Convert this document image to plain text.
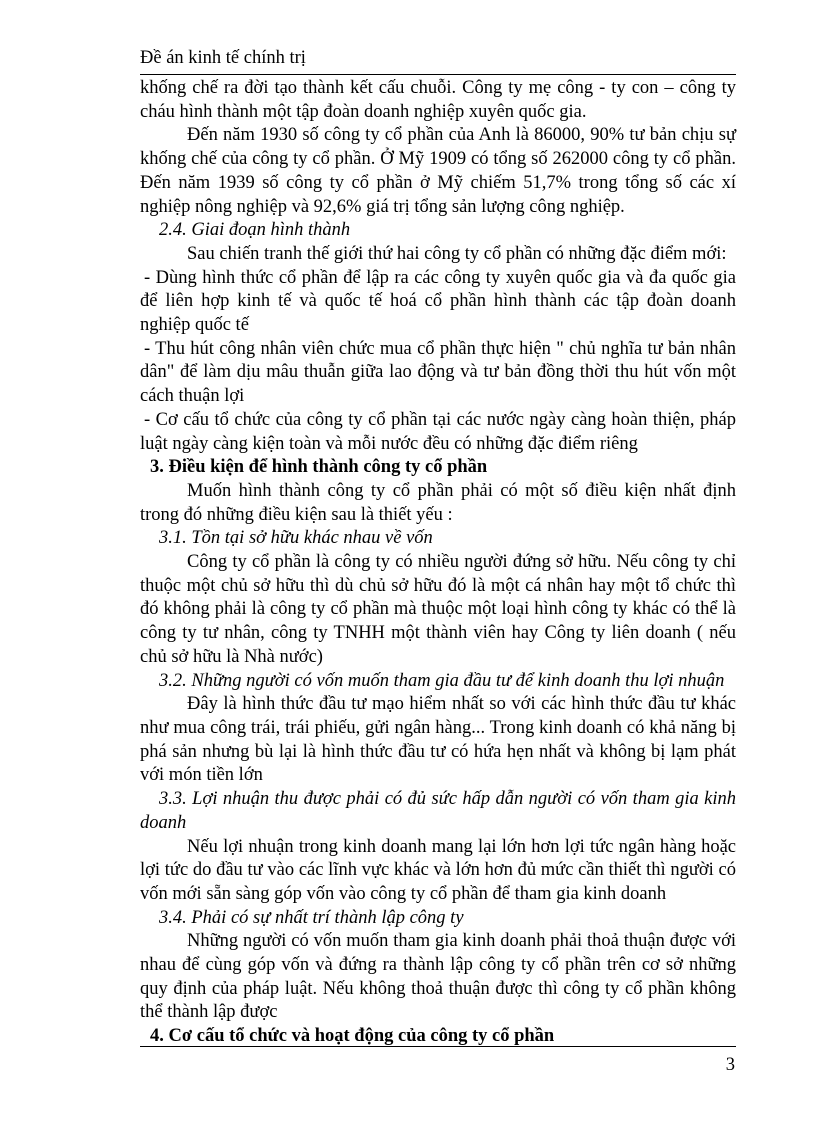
Đề án kinh tế chính trị

khống chế ra đời tạo thành kết cấu chuỗi. Công ty mẹ công - ty con – công ty cháu hình thành một tập đoàn doanh nghiệp xuyên quốc gia.

Đến năm 1930 số công ty cổ phần của Anh là 86000, 90% tư bản chịu sự khống chế của công ty cổ phần. Ở Mỹ 1909 có tổng số 262000 công ty cổ phần. Đến năm 1939 số công ty cổ phần ở Mỹ chiếm 51,7% trong tổng số các xí nghiệp nông nghiệp và 92,6% giá trị tổng sản lượng công nghiệp.

2.4. Giai đoạn hình thành

Sau chiến tranh thế giới thứ hai công ty cổ phần có những đặc điểm mới:

- Dùng hình thức cổ phần để lập ra các công ty xuyên quốc gia và đa quốc gia để liên hợp kinh tế và quốc tế hoá cổ phần hình thành các tập đoàn doanh nghiệp quốc tế

- Thu hút công nhân viên chức mua cổ phần thực hiện " chủ nghĩa tư bản nhân dân" để làm dịu mâu thuẫn giữa lao động và tư bản đồng thời thu hút vốn một cách thuận lợi

- Cơ cấu tổ chức của công ty cổ phần tại các nước ngày càng hoàn thiện, pháp luật ngày càng kiện toàn và mỗi nước đều có những đặc điểm riêng

3. Điều kiện để hình thành công ty cổ phần

Muốn hình thành công ty cổ phần phải có một số điều kiện nhất định trong đó những điều kiện sau là thiết yếu :

3.1. Tồn tại sở hữu khác nhau về vốn

Công ty cổ phần là công ty có nhiều người đứng sở hữu. Nếu công ty chỉ thuộc một chủ sở hữu thì dù chủ sở hữu đó là một cá nhân hay một tổ chức thì đó không phải là công ty cổ phần mà thuộc một loại hình công ty khác có thể là công ty tư nhân, công ty TNHH một thành viên hay Công ty liên doanh ( nếu chủ sở hữu là Nhà nước)

3.2. Những người có vốn muốn tham gia đầu tư để kinh doanh thu lợi nhuận

Đây là hình thức đầu tư mạo hiểm nhất so với các hình thức đầu tư khác như mua công trái, trái phiếu, gửi ngân hàng... Trong kinh doanh có khả năng bị phá sản nhưng bù lại là hình thức đầu tư có hứa hẹn nhất và không bị lạm phát với món tiền lớn

3.3. Lợi nhuận thu được phải có đủ sức hấp dẫn người có vốn tham gia kinh doanh

Nếu lợi nhuận trong kinh doanh mang lại lớn hơn lợi tức ngân hàng hoặc lợi tức do đầu tư vào các lĩnh vực khác và lớn hơn đủ mức cần thiết thì người có vốn mới sẵn sàng góp vốn vào công ty cổ phần để tham gia kinh doanh

3.4. Phải có sự nhất trí thành lập công ty

Những người có vốn muốn tham gia kinh doanh phải thoả thuận được với nhau để cùng góp vốn và đứng ra thành lập công ty cổ phần trên cơ sở những quy định của pháp luật. Nếu không thoả thuận được thì công ty cổ phần không thể thành lập được

4. Cơ cấu tổ chức và hoạt động của công ty cổ phần

3
